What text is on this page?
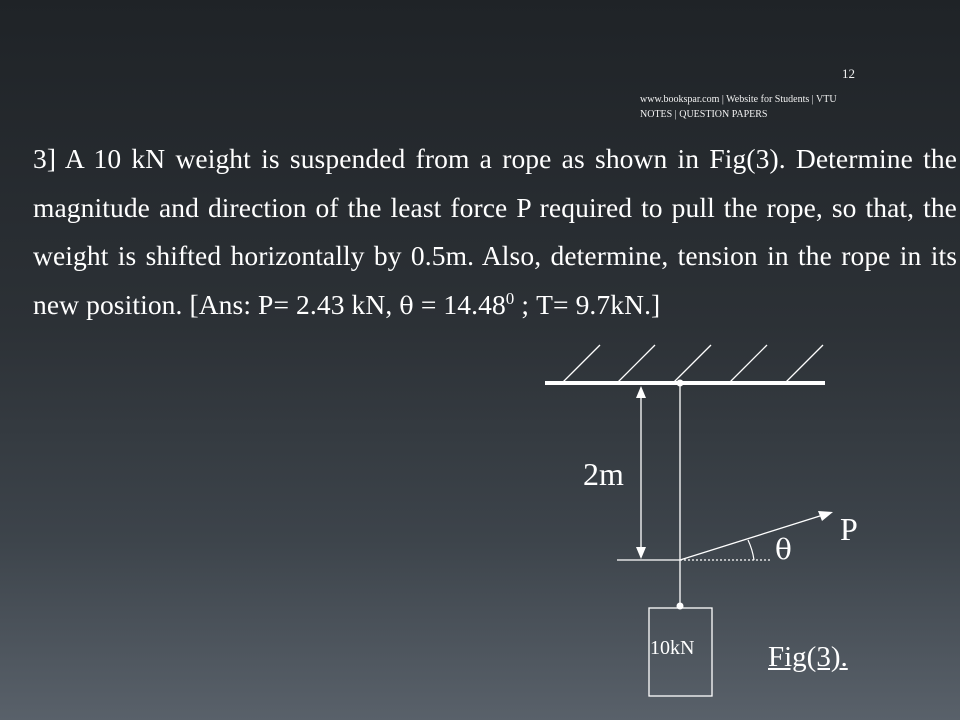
12
www.bookspar.com | Website for Students | VTU NOTES | QUESTION PAPERS
3] A 10 kN weight is suspended from a rope as shown in Fig(3). Determine the magnitude and direction of the least force P required to pull the rope, so that, the weight is shifted horizontally by 0.5m. Also, determine, tension in the rope in its new position. [Ans: P= 2.43 kN, $\theta = 14.48^0$ ; T= 9.7kN.]
2m
P
θ
10kN	Fig(3).
